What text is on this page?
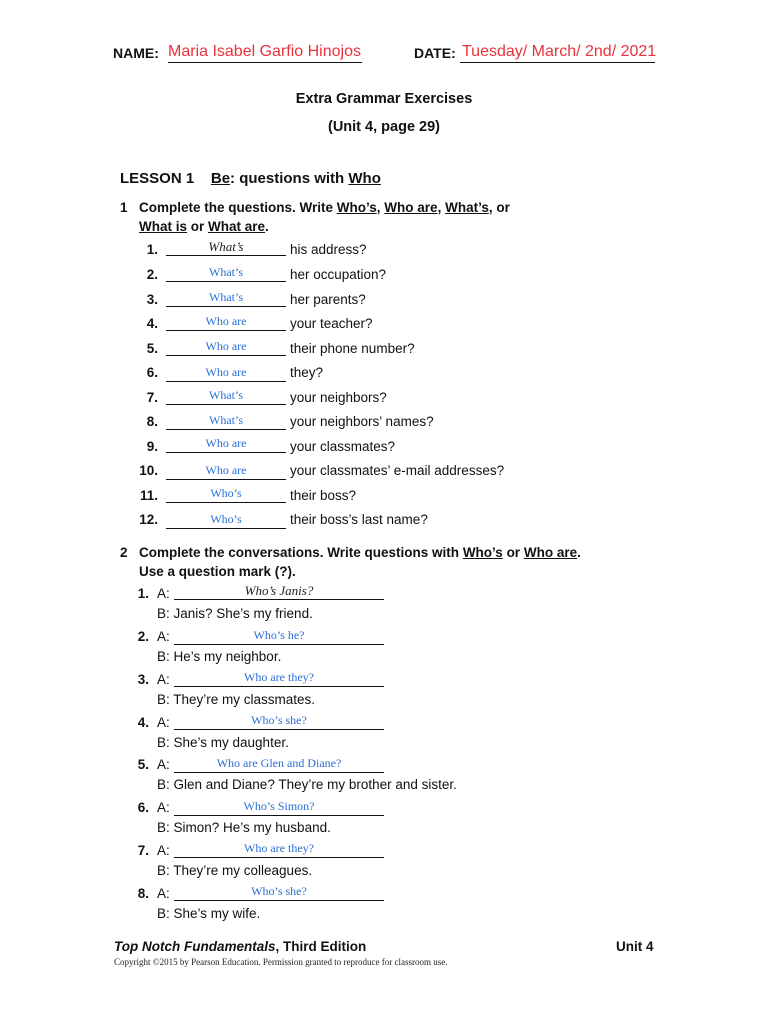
NAME: Maria Isabel Garfio Hinojos	DATE: Tuesday/ March/ 2nd/ 2021
Extra Grammar Exercises
(Unit 4, page 29)
LESSON 1 Be: questions with Who
1 Complete the questions. Write Who’s, Who are, What’s, or
What is or What are.
1.	What’s	his address?
2.	What’s	her occupation?
3.	What’s	her parents?
4.	Who are	your teacher?
5.	Who are	their phone number?
6.	Who are	they?
7.	What’s	your neighbors?
8.	What’s	your neighbors’ names?
9.	Who are	your classmates?
10.	Who are	your classmates’ e-mail addresses?
11.	Who’s	their boss?
12.	Who’s	their boss’s last name?
2 Complete the conversations. Write questions with Who’s or Who are.
Use a question mark (?).
1. A:	Who’s Janis?
B: Janis? She’s my friend.
2. A:	Who’s he?
B: He’s my neighbor.
3. A:	Who are they?
B: They’re my classmates.
4. A:	Who’s she?
B: She’s my daughter.
5. A:	Who are Glen and Diane?
B: Glen and Diane? They’re my brother and sister.
6. A:	Who’s Simon?
B: Simon? He’s my husband.
7. A:	Who are they?
B: They’re my colleagues.
8. A:	Who’s she?
B: She’s my wife.
Top Notch Fundamentals, Third Edition	Unit 4
Copyright ©2015 by Pearson Education. Permission granted to reproduce for classroom use.
